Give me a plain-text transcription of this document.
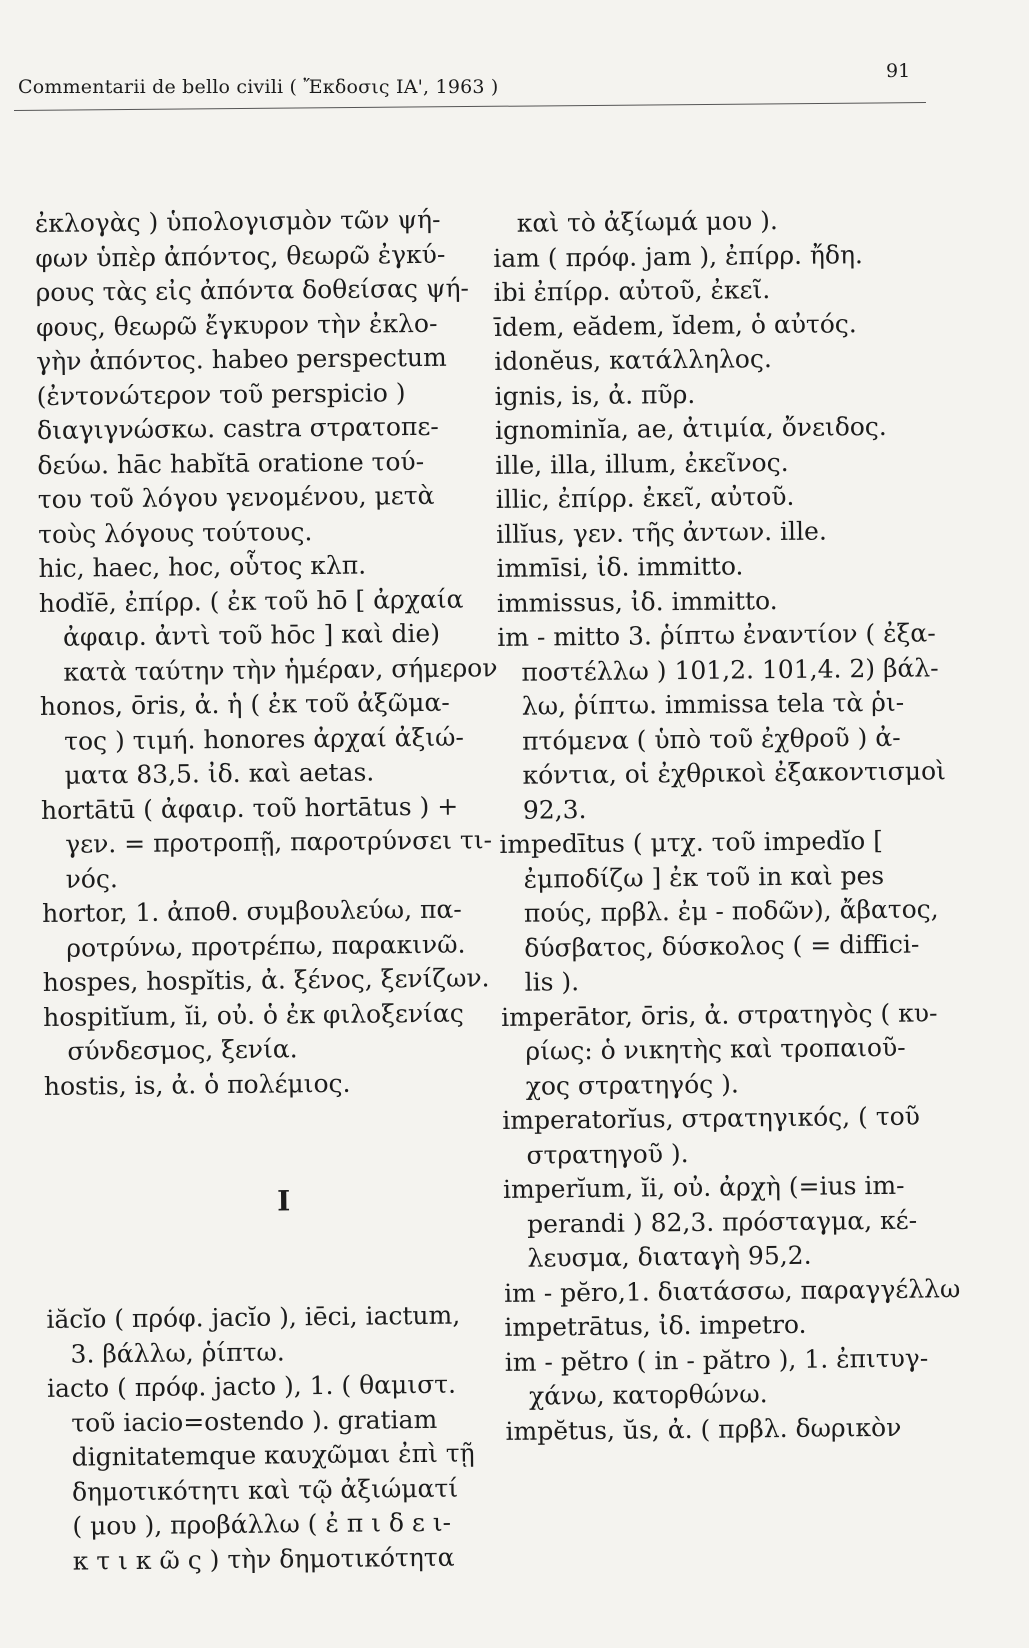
Commentarii de bello civili ( Ἔκδοσις ΙΑ', 1963 )
91

ἐκλογὰς ) ὑπολογισμὸν τῶν ψή-
φων ὑπὲρ ἀπόντος, θεωρῶ ἐγκύ-
ρους τὰς εἰς ἀπόντα δοθείσας ψή-
φους, θεωρῶ ἔγκυρον τὴν ἐκλο-
γὴν ἀπόντος. habeo perspectum
(ἐντονώτερον τοῦ perspicio )
διαγιγνώσκω. castra στρατοπε-
δεύω. hāc habĭtā oratione τού-
του τοῦ λόγου γενομένου, μετὰ
τοὺς λόγους τούτους.
hic, haec, hoc, οὗτος κλπ.
hodĭē, ἐπίρρ. ( ἐκ τοῦ hō [ ἀρχαία
ἀφαιρ. ἀντὶ τοῦ hōc ] καὶ die)
κατὰ ταύτην τὴν ἡμέραν, σήμερον
honos, ōris, ἀ. ἡ ( ἐκ τοῦ ἀξῶμα-
τος ) τιμή. honores ἀρχαί ἀξιώ-
ματα 83,5. ἰδ. καὶ aetas.
hortātū ( ἀφαιρ. τοῦ hortātus ) +
γεν. = προτροπῇ, παροτρύνσει τι-
νός.
hortor, 1. ἀποθ. συμβουλεύω, πα-
ροτρύνω, προτρέπω, παρακινῶ.
hospes, hospĭtis, ἀ. ξένος, ξενίζων.
hospitĭum, ĭi, οὐ. ὁ ἐκ φιλοξενίας
σύνδεσμος, ξενία.
hostis, is, ἀ. ὁ πολέμιος.

I

iăcĭo ( πρόφ. jacĭo ), iēci, iactum,
3. βάλλω, ῥίπτω.
iacto ( πρόφ. jacto ), 1. ( θαμιστ.
τοῦ iacio=ostendo ). gratiam
dignitatemque καυχῶμαι ἐπὶ τῇ
δημοτικότητι καὶ τῷ ἀξιώματί
( μου ), προβάλλω ( ἐ π ι δ ε ι-
κ τ ι κ ῶ ς ) τὴν δημοτικότητα

καὶ τὸ ἀξίωμά μου ).
iam ( πρόφ. jam ), ἐπίρρ. ἤδη.
ibi ἐπίρρ. αὐτοῦ, ἐκεῖ.
īdem, eădem, ĭdem, ὁ αὐτός.
idonĕus, κατάλληλος.
ignis, is, ἀ. πῦρ.
ignominĭa, ae, ἀτιμία, ὄνειδος.
ille, illa, illum, ἐκεῖνος.
illic, ἐπίρρ. ἐκεῖ, αὐτοῦ.
illĭus, γεν. τῆς ἀντων. ille.
immīsi, ἰδ. immitto.
immissus, ἰδ. immitto.
im - mitto 3. ῥίπτω ἐναντίον ( ἐξα-
ποστέλλω ) 101,2. 101,4. 2) βάλ-
λω, ῥίπτω. immissa tela τὰ ῥι-
πτόμενα ( ὑπὸ τοῦ ἐχθροῦ ) ἀ-
κόντια, οἱ ἐχθρικοὶ ἐξακοντισμοὶ
92,3.
impedītus ( μτχ. τοῦ impedĭo [
ἐμποδίζω ] ἐκ τοῦ in καὶ pes
πούς, πρβλ. ἐμ - ποδῶν), ἄβατος,
δύσβατος, δύσκολος ( = diffici-
lis ).
imperātor, ōris, ἀ. στρατηγὸς ( κυ-
ρίως: ὁ νικητὴς καὶ τροπαιοῦ-
χος στρατηγός ).
imperatorĭus, στρατηγικός, ( τοῦ
στρατηγοῦ ).
imperĭum, ĭi, οὐ. ἀρχὴ (=ius im-
perandi ) 82,3. πρόσταγμα, κέ-
λευσμα, διαταγὴ 95,2.
im - pĕro,1. διατάσσω, παραγγέλλω
impetrātus, ἰδ. impetro.
im - pĕtro ( in - pătro ), 1. ἐπιτυγ-
χάνω, κατορθώνω.
impĕtus, ŭs, ἀ. ( πρβλ. δωρικὸν
